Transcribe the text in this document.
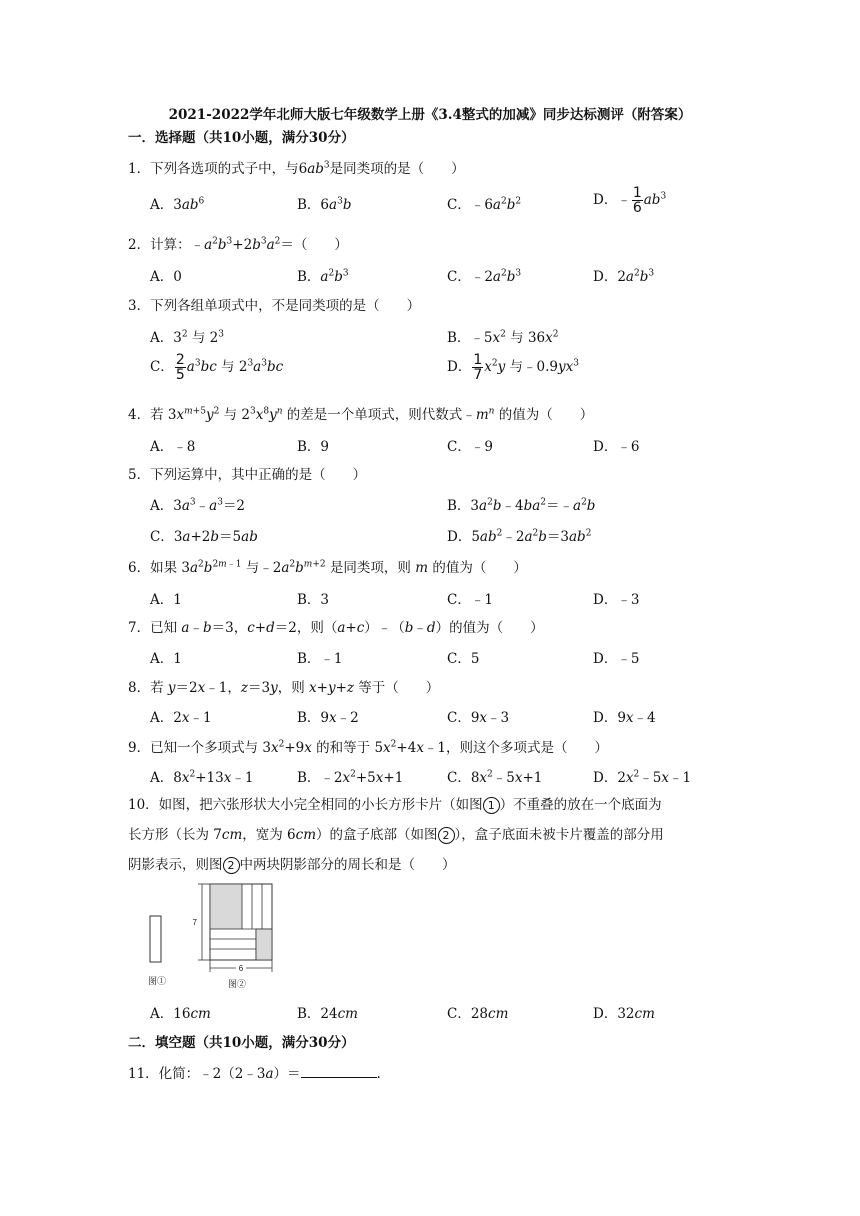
2021-2022学年北师大版七年级数学上册《3.4整式的加减》同步达标测评（附答案）
一．选择题（共10小题，满分30分）
1．下列各选项的式子中，与$6ab^3$是同类项的是（　　）
A．$3ab^6$	B．$6a^3b$	C．$﹣6a^2b^2$	D．﹣ $\frac{1}{6} ab^3$
2．计算：$﹣a^2b^3+2b^3a^2=$（　　）
A．0	B．$a^2b^3$	C．$﹣2a^2b^3$	D．$2a^2b^3$
3．下列各组单项式中，不是同类项的是（　　）
A．$3^2$ 与 $2^3$	B．$﹣5x^2$ 与 $36x^2$
C． $\frac{2}{5} a^3bc$ 与 $2^3a^3bc$	D． $\frac{1}{7} x^2y$ 与$﹣0.9yx^3$
4．若 $3x^{m+5}y^2$ 与 $2^3x^8y^n$ 的差是一个单项式，则代数式$﹣m^n$ 的值为（　　）
A．﹣8	B．9	C．﹣9	D．﹣6
5．下列运算中，其中正确的是（　　）
A．$3a^3﹣a^3=2$	B．$3a^2b﹣4ba^2=﹣a^2b$
C．3a+2b＝5ab	D．$5ab^2﹣2a^2b=3ab^2$
6．如果 $3a^2b^{2m﹣1}$ 与$﹣2a^2b^{m+2}$ 是同类项，则 m 的值为（　　）
A．1	B．3	C．﹣1	D．﹣3
7．已知 a﹣b＝3，c+d＝2，则（a+c）﹣（b﹣d）的值为（　　）
A．1	B．﹣1	C．5	D．﹣5
8．若 y＝2x﹣1，z＝3y，则 x+y+z 等于（　　）
A．2x﹣1	B．9x﹣2	C．9x﹣3	D．9x﹣4
9．已知一个多项式与 $3x^2+9x$ 的和等于 $5x^2+4x﹣1$，则这个多项式是（　　）
A．$8x^2+13x﹣1$	B．$﹣2x^2+5x+1$	C．$8x^2﹣5x+1$	D．$2x^2﹣5x﹣1$
10．如图，把六张形状大小完全相同的小长方形卡片（如图 1 ）不重叠的放在一个底面为
长方形（长为 7cm，宽为 6cm）的盒子底部（如图 2 ），盒子底面未被卡片覆盖的部分用
阴影表示，则图 2 中两块阴影部分的周长和是（　　）
图①
7
6
图②
A．16cm	B．24cm	C．28cm	D．32cm
二．填空题（共10小题，满分30分）
11．化简：﹣2（2﹣3a）＝	.
